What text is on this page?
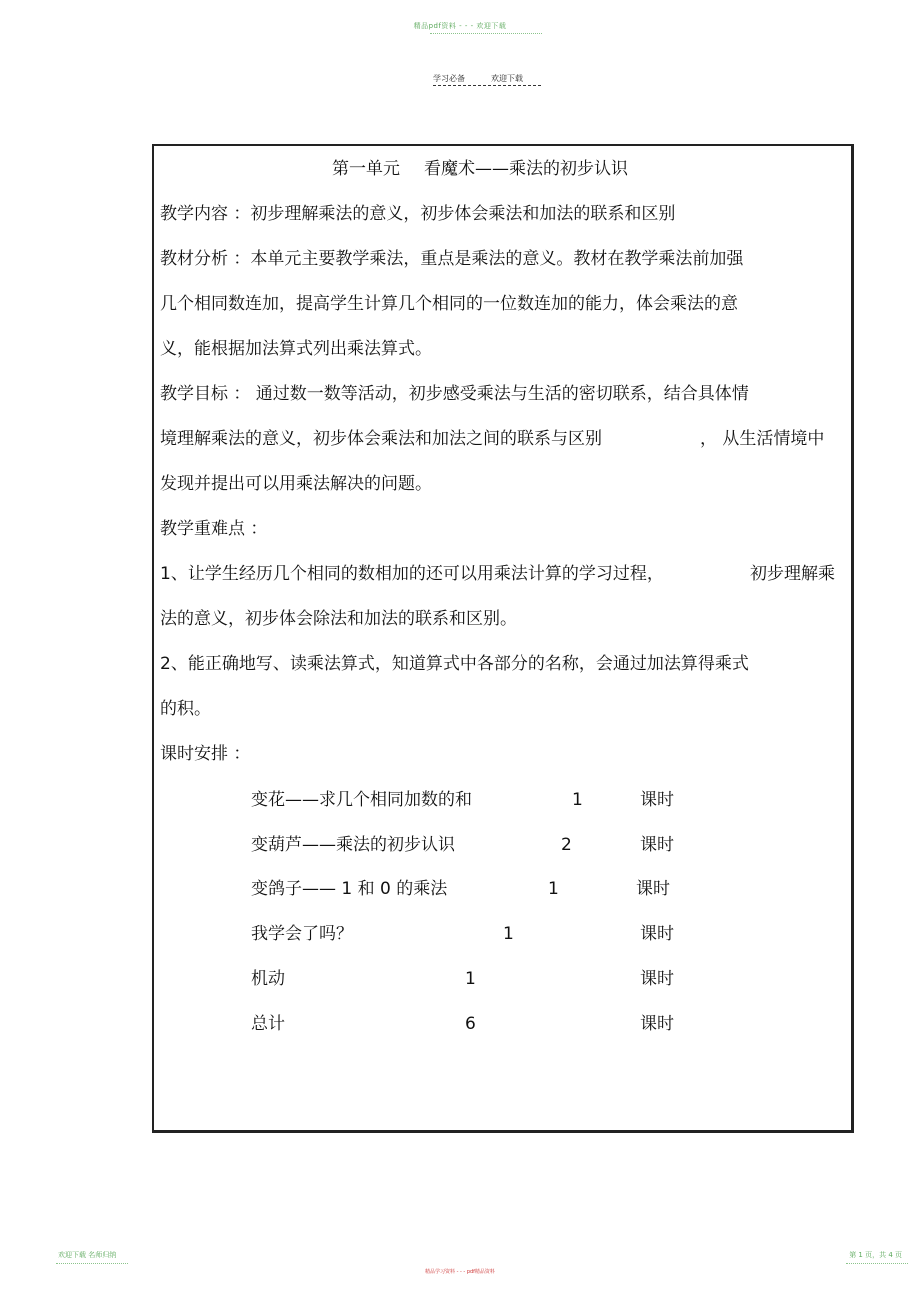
精品pdf资料 - - - 欢迎下载
学习必备	欢迎下载
第一单元 看魔术——乘法的初步认识
教学内容 ：初步理解乘法的意义，初步体会乘法和加法的联系和区别
教材分析 ：本单元主要教学乘法，重点是乘法的意义。教材在教学乘法前加强
几个相同数连加，提高学生计算几个相同的一位数连加的能力，体会乘法的意
义，能根据加法算式列出乘法算式。
教学目标 ： 通过数一数等活动，初步感受乘法与生活的密切联系，结合具体情
境理解乘法的意义，初步体会乘法和加法之间的联系与区别	， 从生活情境中
发现并提出可以用乘法解决的问题。
教学重难点 ：
1、让学生经历几个相同的数相加的还可以用乘法计算的学习过程，	初步理解乘
法的意义，初步体会除法和加法的联系和区别。
2、能正确地写、读乘法算式，知道算式中各部分的名称，会通过加法算得乘式
的积。
课时安排 ：
变花——求几个相同加数的和	1	课时
变葫芦——乘法的初步认识	2	课时
变鸽子—— 1 和 0 的乘法	1	课时
我学会了吗？	1	课时
机动	1	课时
总计	6	课时
欢迎下载 名师归纳	第 1 页，共 4 页
精品学习资料 - - - pdf精品资料
